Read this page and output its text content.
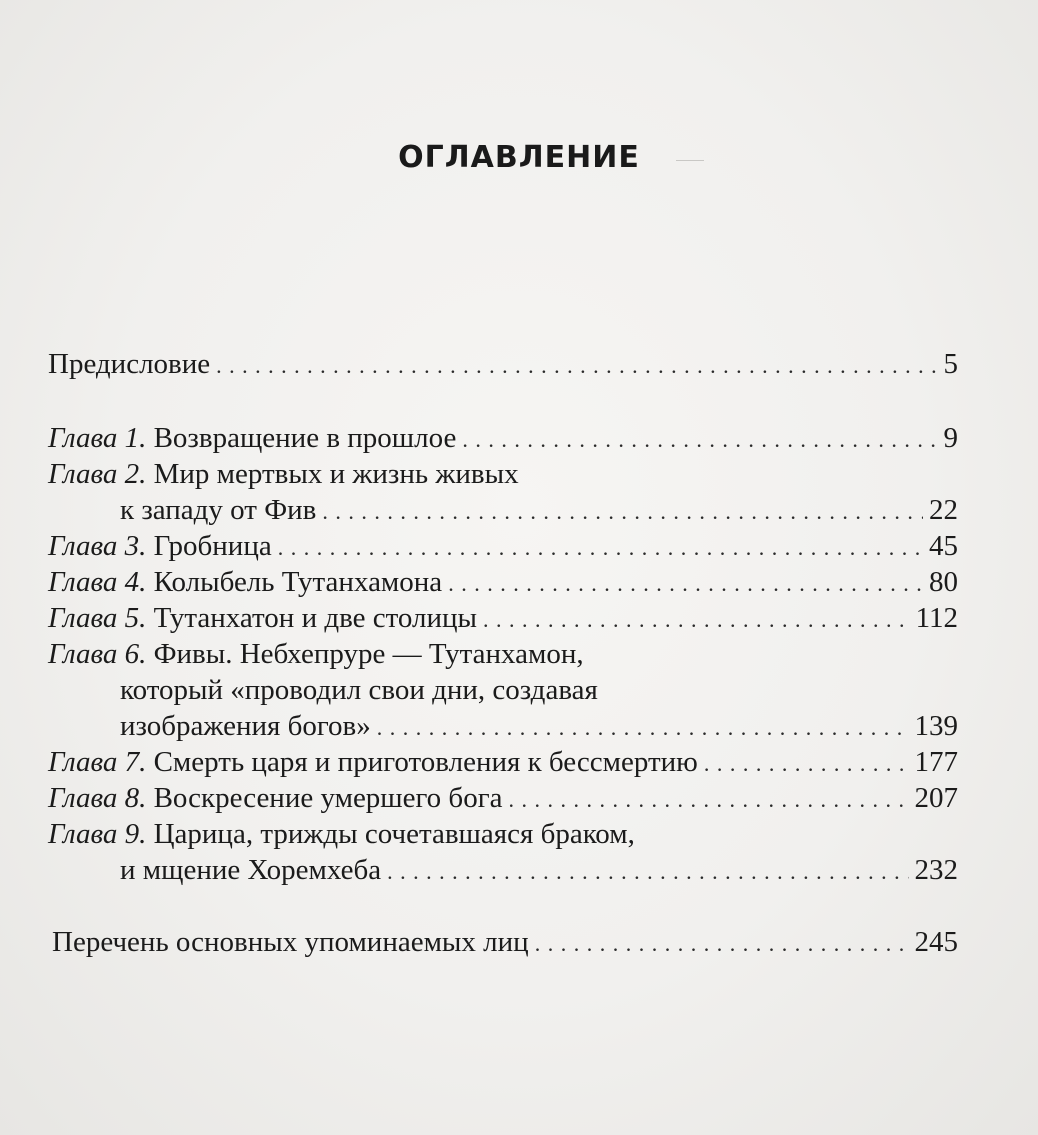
ОГЛАВЛЕНИЕ

Предисловие . . .	5
Глава 1. Возвращение в прошлое . . .	9
Глава 2. Мир мертвых и жизнь живых
к западу от Фив . . .	22
Глава 3. Гробница . . .	45
Глава 4. Колыбель Тутанхамона . . .	80
Глава 5. Тутанхатон и две столицы . . .	112
Глава 6. Фивы. Небхепруре — Тутанхамон,
который «проводил свои дни, создавая
изображения богов» . . .	139
Глава 7. Смерть царя и приготовления к бессмертию . . .	177
Глава 8. Воскресение умершего бога . . .	207
Глава 9. Царица, трижды сочетавшаяся браком,
и мщение Хоремхеба . . .	232
Перечень основных упоминаемых лиц . . .	245
